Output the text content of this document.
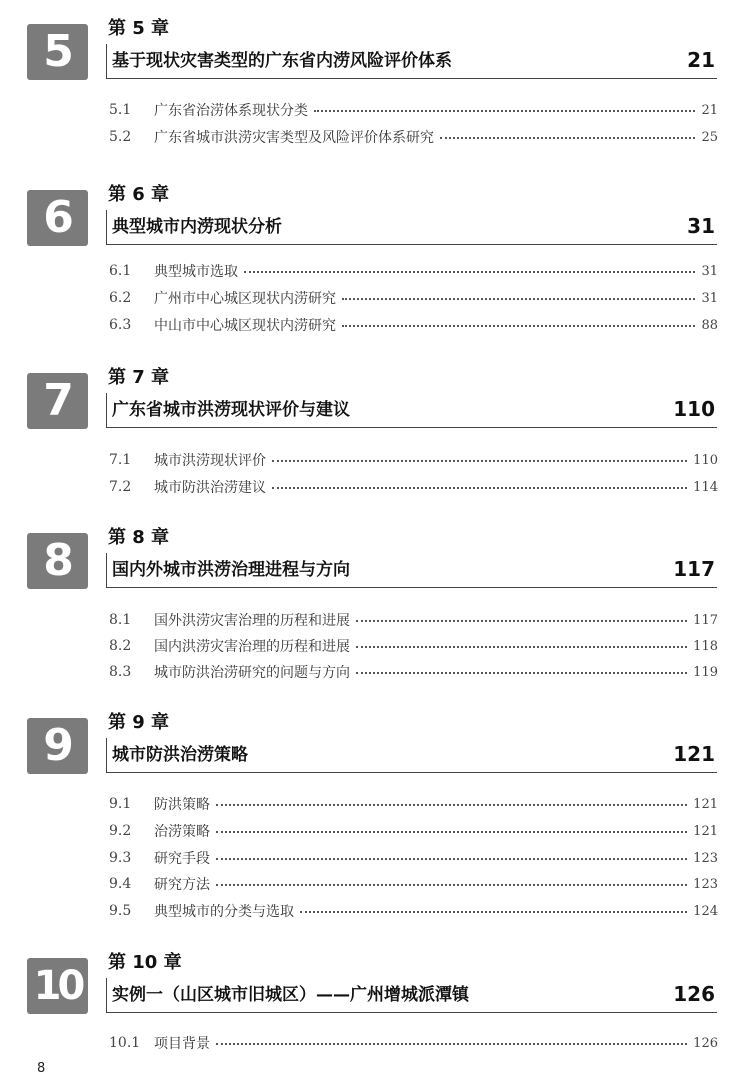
5	第 5 章
基于现状灾害类型的广东省内涝风险评价体系	21
5.1	广东省治涝体系现状分类	21
5.2	广东省城市洪涝灾害类型及风险评价体系研究	25
6	第 6 章
典型城市内涝现状分析	31
6.1	典型城市选取	31
6.2	广州市中心城区现状内涝研究	31
6.3	中山市中心城区现状内涝研究	88
7	第 7 章
广东省城市洪涝现状评价与建议	110
7.1	城市洪涝现状评价	110
7.2	城市防洪治涝建议	114
8	第 8 章
国内外城市洪涝治理进程与方向	117
8.1	国外洪涝灾害治理的历程和进展	117
8.2	国内洪涝灾害治理的历程和进展	118
8.3	城市防洪治涝研究的问题与方向	119
9	第 9 章
城市防洪治涝策略	121
9.1	防洪策略	121
9.2	治涝策略	121
9.3	研究手段	123
9.4	研究方法	123
9.5	典型城市的分类与选取	124
10
第 10 章
实例一（山区城市旧城区）——广州增城派潭镇	126
10.1 项目背景	126
8
